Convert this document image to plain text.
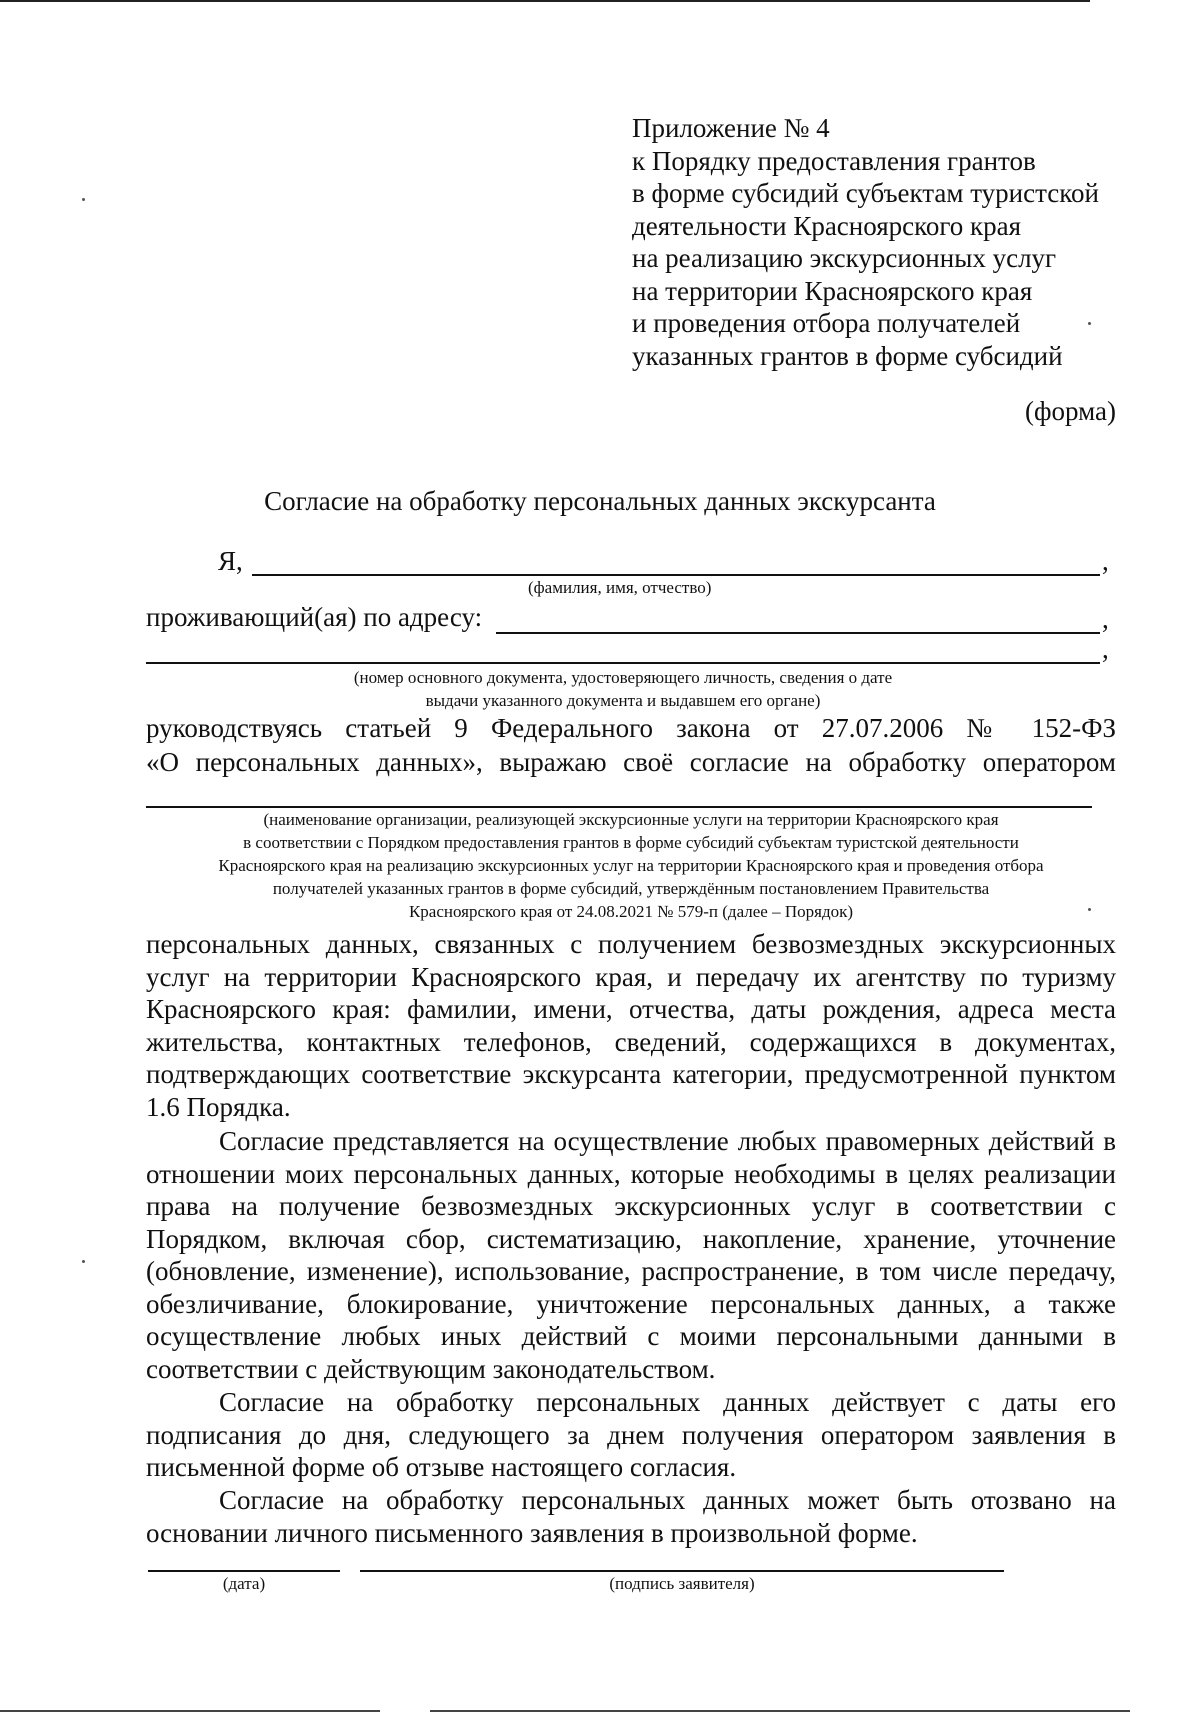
Приложение № 4
к Порядку предоставления грантов
в форме субсидий субъектам туристской
деятельности Красноярского края
на реализацию экскурсионных услуг
на территории Красноярского края
и проведения отбора получателей
указанных грантов в форме субсидий
(форма)
Согласие на обработку персональных данных экскурсанта
Я,	,
(фамилия, имя, отчество)
проживающий(ая) по адресу:	,
,
(номер основного документа, удостоверяющего личность, сведения о дате
выдачи указанного документа и выдавшем его органе)
руководствуясь статьей 9 Федерального закона от 27.07.2006 № 152-ФЗ
«О персональных данных», выражаю своё согласие на обработку оператором
(наименование организации, реализующей экскурсионные услуги на территории Красноярского края
в соответствии с Порядком предоставления грантов в форме субсидий субъектам туристской деятельности
Красноярского края на реализацию экскурсионных услуг на территории Красноярского края и проведения отбора
получателей указанных грантов в форме субсидий, утверждённым постановлением Правительства
Красноярского края от 24.08.2021 № 579-п (далее – Порядок)
персональных данных, связанных с получением безвозмездных экскурсионных услуг на территории Красноярского края, и передачу их агентству по туризму Красноярского края: фамилии, имени, отчества, даты рождения, адреса места жительства, контактных телефонов, сведений, содержащихся в документах, подтверждающих соответствие экскурсанта категории, предусмотренной пунктом 1.6 Порядка.
Согласие представляется на осуществление любых правомерных действий в отношении моих персональных данных, которые необходимы в целях реализации права на получение безвозмездных экскурсионных услуг в соответствии с Порядком, включая сбор, систематизацию, накопление, хранение, уточнение (обновление, изменение), использование, распространение, в том числе передачу, обезличивание, блокирование, уничтожение персональных данных, а также осуществление любых иных действий с моими персональными данными в соответствии с действующим законодательством.
Согласие на обработку персональных данных действует с даты его подписания до дня, следующего за днем получения оператором заявления в письменной форме об отзыве настоящего согласия.
Согласие на обработку персональных данных может быть отозвано на основании личного письменного заявления в произвольной форме.
(дата)	(подпись заявителя)
